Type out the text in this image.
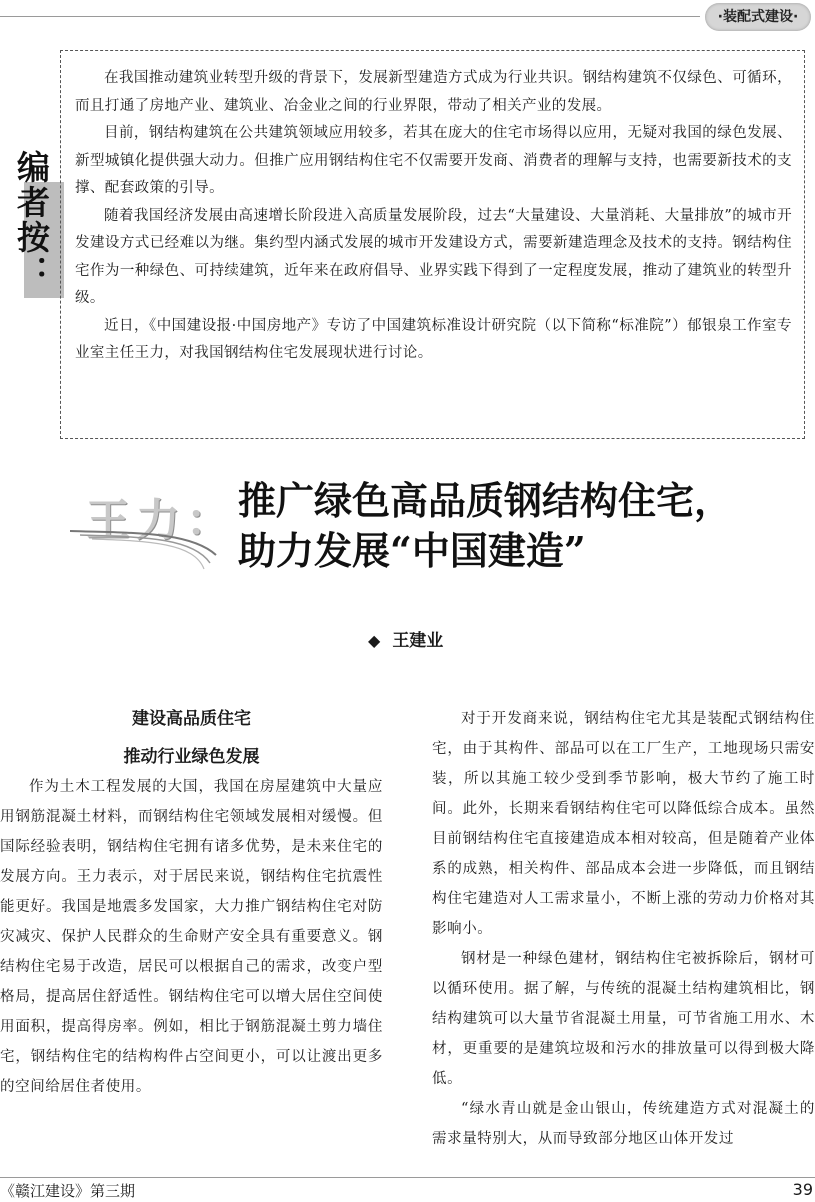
·装配式建设·
编者按：

在我国推动建筑业转型升级的背景下，发展新型建造方式成为行业共识。钢结构建筑不仅绿色、可循环，而且打通了房地产业、建筑业、冶金业之间的行业界限，带动了相关产业的发展。

目前，钢结构建筑在公共建筑领域应用较多，若其在庞大的住宅市场得以应用，无疑对我国的绿色发展、新型城镇化提供强大动力。但推广应用钢结构住宅不仅需要开发商、消费者的理解与支持，也需要新技术的支撑、配套政策的引导。

随着我国经济发展由高速增长阶段进入高质量发展阶段，过去“大量建设、大量消耗、大量排放”的城市开发建设方式已经难以为继。集约型内涵式发展的城市开发建设方式，需要新建造理念及技术的支持。钢结构住宅作为一种绿色、可持续建筑，近年来在政府倡导、业界实践下得到了一定程度发展，推动了建筑业的转型升级。

近日，《中国建设报·中国房地产》专访了中国建筑标准设计研究院（以下简称“标准院”）郁银泉工作室专业室主任王力，对我国钢结构住宅发展现状进行讨论。

王力： 推广绿色高品质钢结构住宅，
助力发展“中国建造”
◆ 王建业
建设高品质住宅
推动行业绿色发展

作为土木工程发展的大国，我国在房屋建筑中大量应用钢筋混凝土材料，而钢结构住宅领域发展相对缓慢。但国际经验表明，钢结构住宅拥有诸多优势，是未来住宅的发展方向。王力表示，对于居民来说，钢结构住宅抗震性能更好。我国是地震多发国家，大力推广钢结构住宅对防灾减灾、保护人民群众的生命财产安全具有重要意义。钢结构住宅易于改造，居民可以根据自己的需求，改变户型格局，提高居住舒适性。钢结构住宅可以增大居住空间使用面积，提高得房率。例如，相比于钢筋混凝土剪力墙住宅，钢结构住宅的结构构件占空间更小，可以让渡出更多的空间给居住者使用。

对于开发商来说，钢结构住宅尤其是装配式钢结构住宅，由于其构件、部品可以在工厂生产，工地现场只需安装，所以其施工较少受到季节影响，极大节约了施工时间。此外，长期来看钢结构住宅可以降低综合成本。虽然目前钢结构住宅直接建造成本相对较高，但是随着产业体系的成熟，相关构件、部品成本会进一步降低，而且钢结构住宅建造对人工需求量小，不断上涨的劳动力价格对其影响小。

钢材是一种绿色建材，钢结构住宅被拆除后，钢材可以循环使用。据了解，与传统的混凝土结构建筑相比，钢结构建筑可以大量节省混凝土用量，可节省施工用水、木材，更重要的是建筑垃圾和污水的排放量可以得到极大降低。

“绿水青山就是金山银山，传统建造方式对混凝土的需求量特别大，从而导致部分地区山体开发过

《赣江建设》第三期	39
